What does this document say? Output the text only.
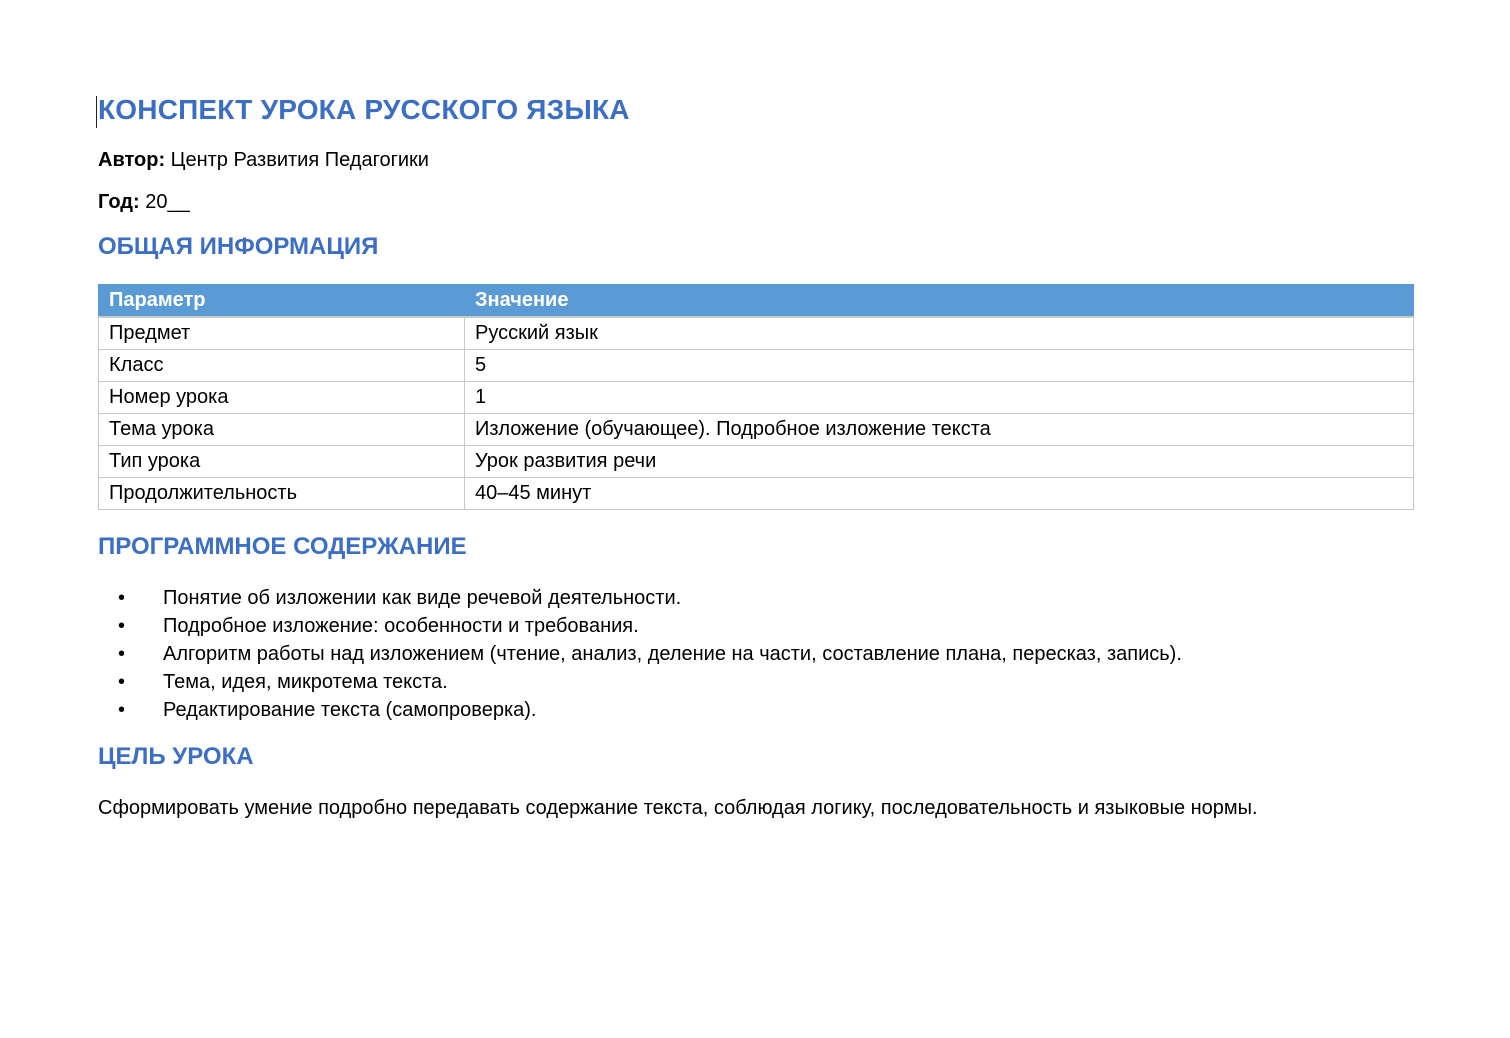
КОНСПЕКТ УРОКА РУССКОГО ЯЗЫКА

Автор: Центр Развития Педагогики

Год: 20__

ОБЩАЯ ИНФОРМАЦИЯ
Параметр	Значение
Предмет	Русский язык
Класс	5
Номер урока	1
Тема урока	Изложение (обучающее). Подробное изложение текста
Тип урока	Урок развития речи
Продолжительность	40–45 минут
ПРОГРАММНОЕ СОДЕРЖАНИЕ
• Понятие об изложении как виде речевой деятельности.
• Подробное изложение: особенности и требования.
• Алгоритм работы над изложением (чтение, анализ, деление на части, составление плана, пересказ, запись).
• Тема, идея, микротема текста.
• Редактирование текста (самопроверка).
ЦЕЛЬ УРОКА

Сформировать умение подробно передавать содержание текста, соблюдая логику, последовательность и языковые нормы.
